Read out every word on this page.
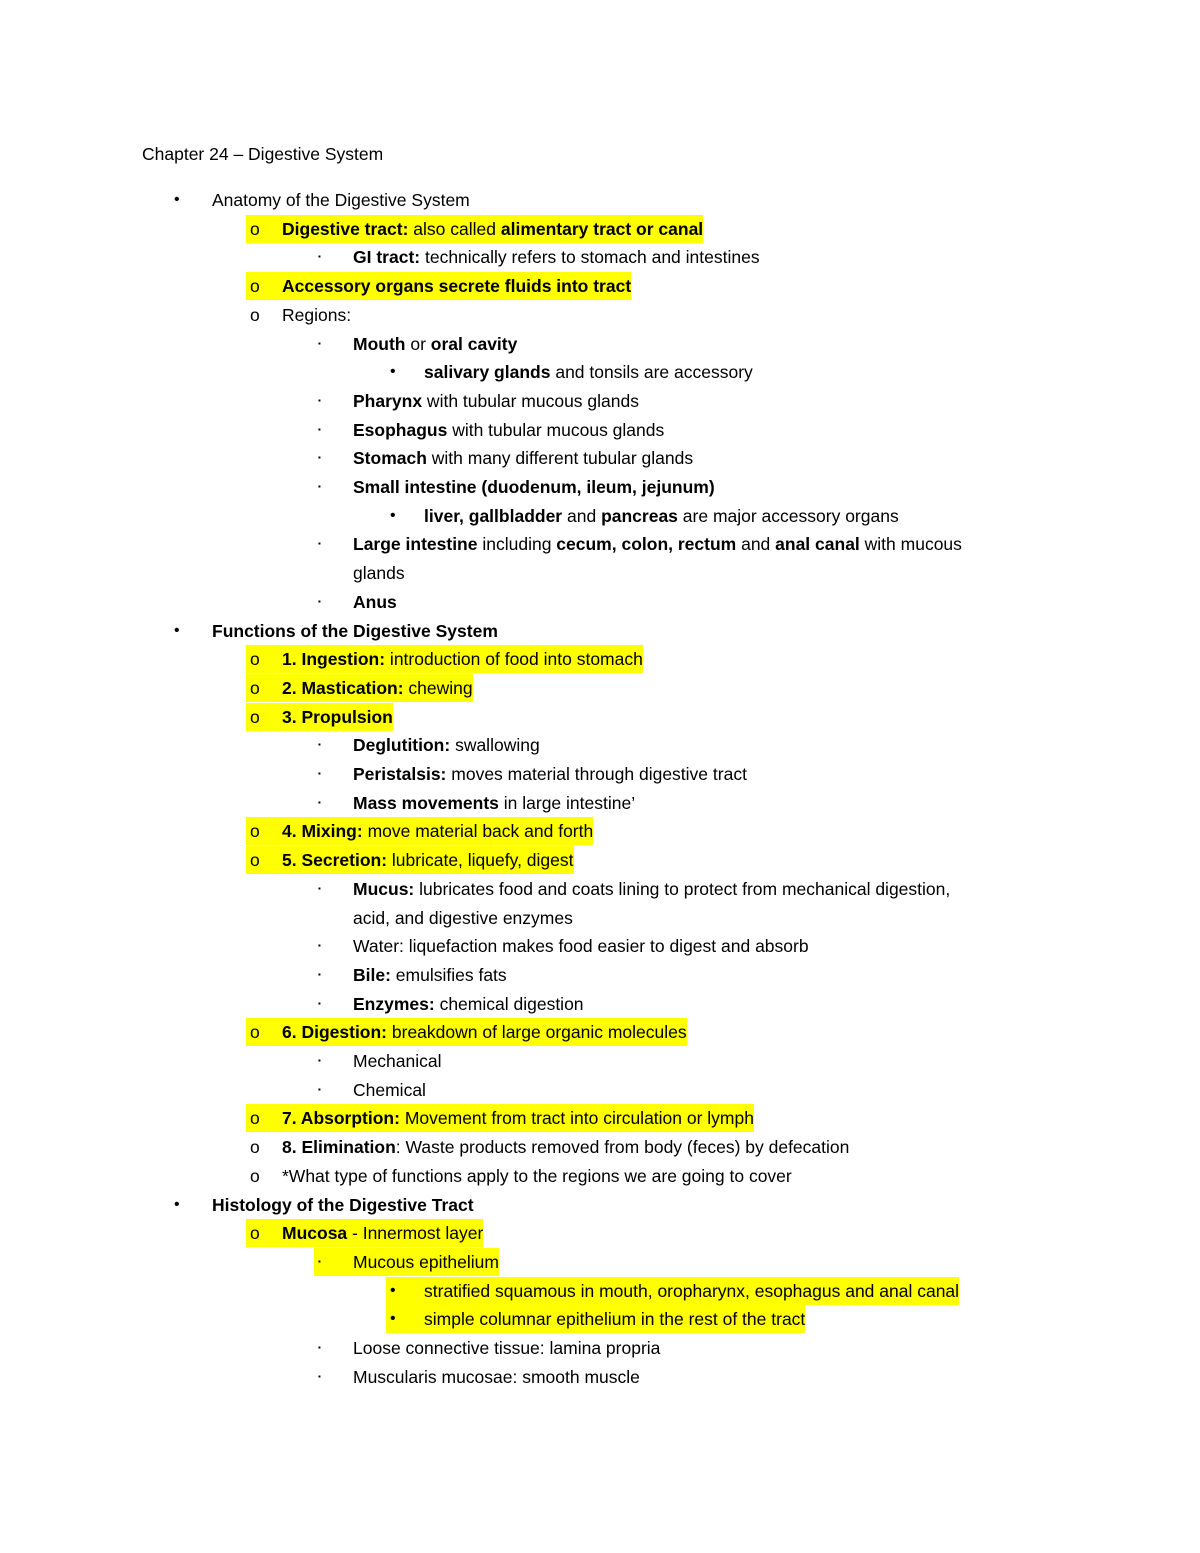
Chapter 24 – Digestive System
• Anatomy of the Digestive System
o	Digestive tract: also called alimentary tract or canal
▪ GI tract: technically refers to stomach and intestines
o	Accessory organs secrete fluids into tract
o Regions:
▪ Mouth or oral cavity
• salivary glands and tonsils are accessory
▪ Pharynx with tubular mucous glands
▪ Esophagus with tubular mucous glands
▪ Stomach with many different tubular glands
▪ Small intestine (duodenum, ileum, jejunum)
• liver, gallbladder and pancreas are major accessory organs
▪ Large intestine including cecum, colon, rectum and anal canal with mucous
glands
▪ Anus
• Functions of the Digestive System
o	1. Ingestion: introduction of food into stomach
o	2. Mastication: chewing
o	3. Propulsion
▪ Deglutition: swallowing
▪ Peristalsis: moves material through digestive tract
▪ Mass movements in large intestine’
o	4. Mixing: move material back and forth
o	5. Secretion: lubricate, liquefy, digest
▪ Mucus: lubricates food and coats lining to protect from mechanical digestion,
acid, and digestive enzymes
▪ Water: liquefaction makes food easier to digest and absorb
▪ Bile: emulsifies fats
▪ Enzymes: chemical digestion
o	6. Digestion: breakdown of large organic molecules
▪ Mechanical
▪ Chemical
o	7. Absorption: Movement from tract into circulation or lymph
o 8. Elimination: Waste products removed from body (feces) by defecation
o *What type of functions apply to the regions we are going to cover
• Histology of the Digestive Tract
o	Mucosa - Innermost layer
▪	Mucous epithelium
•	stratified squamous in mouth, oropharynx, esophagus and anal canal
•	simple columnar epithelium in the rest of the tract
▪ Loose connective tissue: lamina propria
▪ Muscularis mucosae: smooth muscle
